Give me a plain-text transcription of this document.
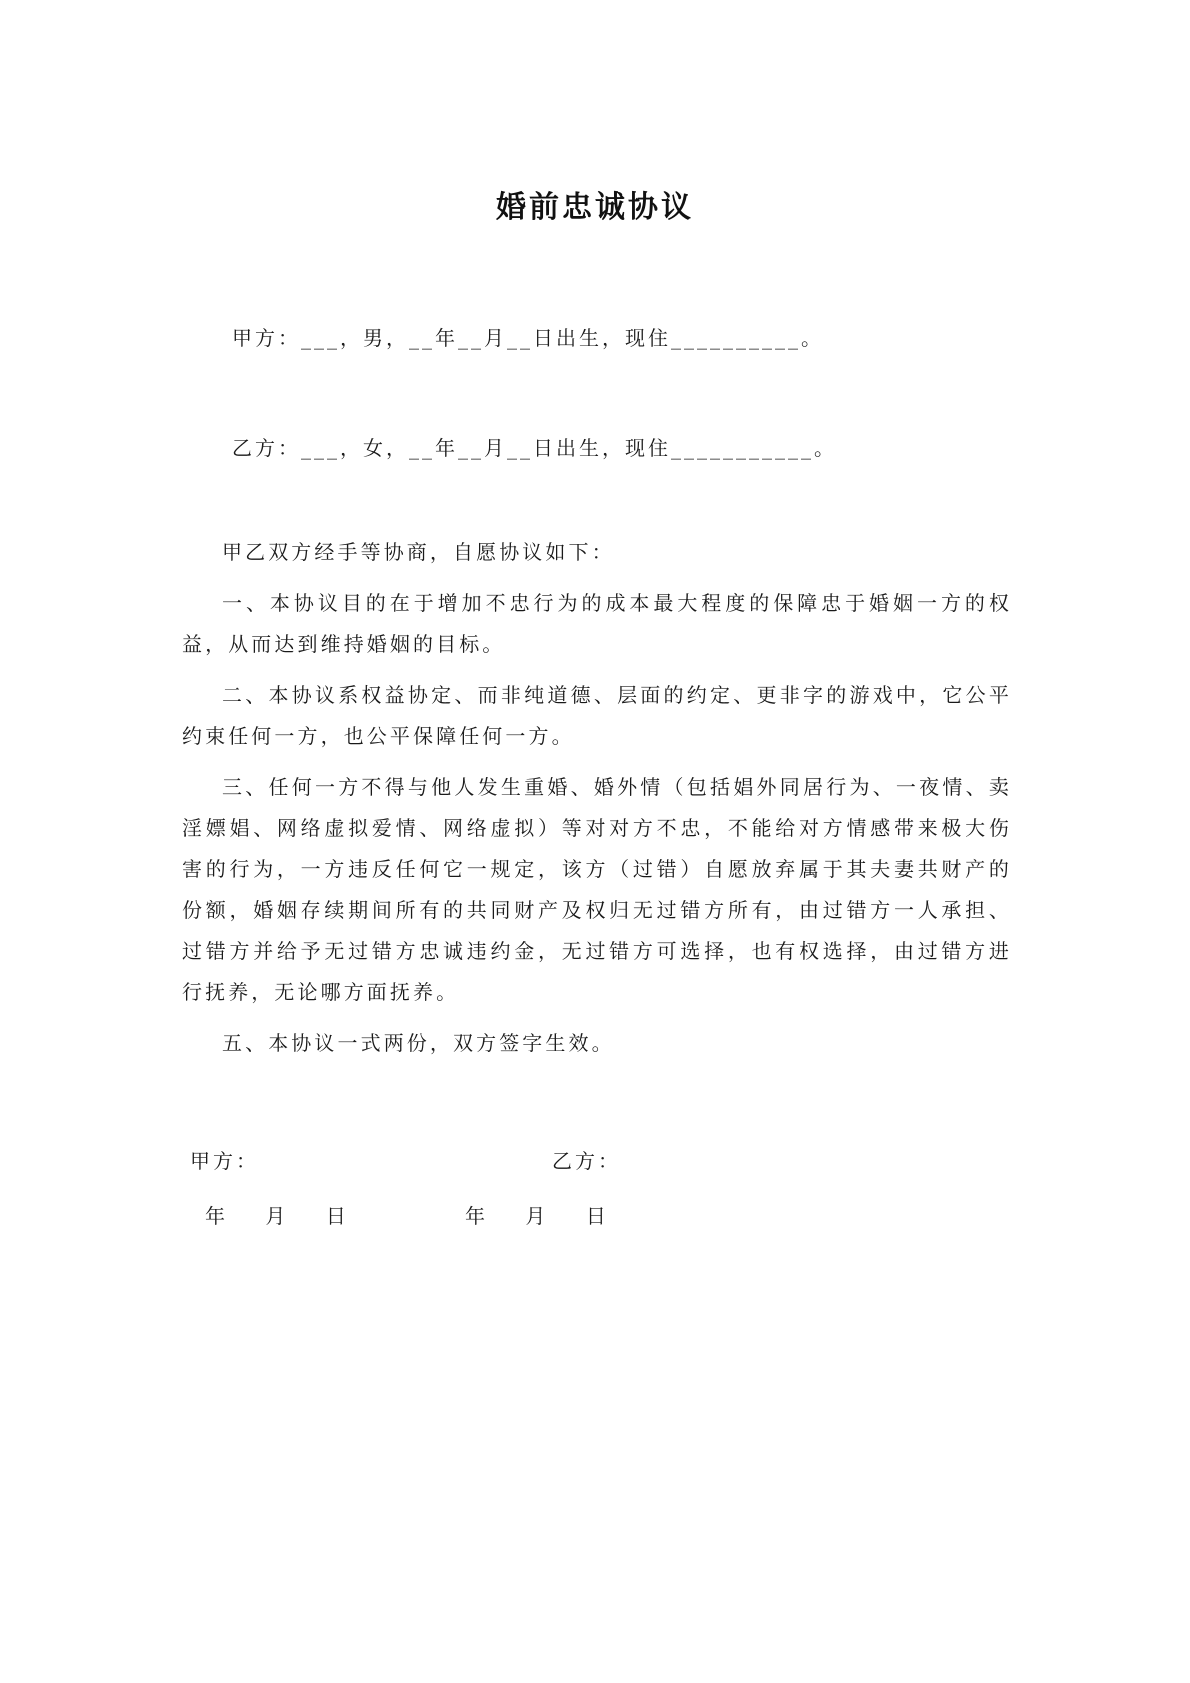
婚前忠诚协议
甲方：___，男，__年__月__日出生，现住__________。
乙方：___，女，__年__月__日出生，现住___________。

甲乙双方经手等协商，自愿协议如下：

一、本协议目的在于增加不忠行为的成本最大程度的保障忠于婚姻一方的权益，从而达到维持婚姻的目标。

二、本协议系权益协定、而非纯道德、层面的约定、更非字的游戏中，它公平约束任何一方，也公平保障任何一方。

三、任何一方不得与他人发生重婚、婚外情（包括娼外同居行为、一夜情、卖淫嫖娼、网络虚拟爱情、网络虚拟）等对对方不忠，不能给对方情感带来极大伤害的行为，一方违反任何它一规定，该方（过错）自愿放弃属于其夫妻共财产的份额，婚姻存续期间所有的共同财产及权归无过错方所有，由过错方一人承担、过错方并给予无过错方忠诚违约金，无过错方可选择，也有权选择，由过错方进行抚养，无论哪方面抚养。

五、本协议一式两份，双方签字生效。

甲方：	乙方：
年    月    日	年    月    日
